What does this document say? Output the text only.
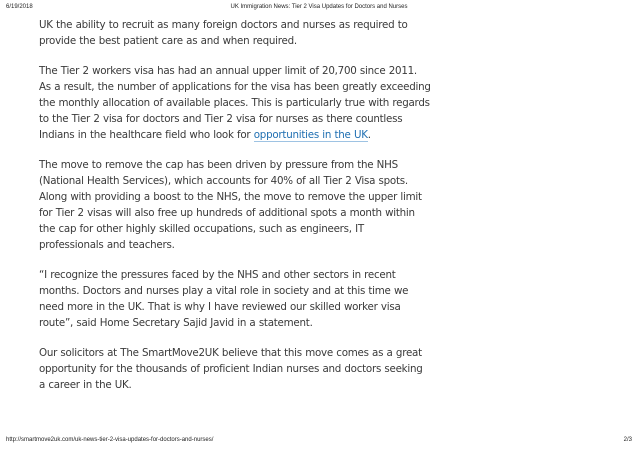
6/19/2018	UK Immigration News: Tier 2 Visa Updates for Doctors and Nurses

UK the ability to recruit as many foreign doctors and nurses as required to provide the best patient care as and when required.

The Tier 2 workers visa has had an annual upper limit of 20,700 since 2011. As a result, the number of applications for the visa has been greatly exceeding the monthly allocation of available places. This is particularly true with regards to the Tier 2 visa for doctors and Tier 2 visa for nurses as there countless Indians in the healthcare field who look for opportunities in the UK.

The move to remove the cap has been driven by pressure from the NHS (National Health Services), which accounts for 40% of all Tier 2 Visa spots. Along with providing a boost to the NHS, the move to remove the upper limit for Tier 2 visas will also free up hundreds of additional spots a month within the cap for other highly skilled occupations, such as engineers, IT professionals and teachers.

“I recognize the pressures faced by the NHS and other sectors in recent months. Doctors and nurses play a vital role in society and at this time we need more in the UK. That is why I have reviewed our skilled worker visa route”, said Home Secretary Sajid Javid in a statement.

Our solicitors at The SmartMove2UK believe that this move comes as a great opportunity for the thousands of proficient Indian nurses and doctors seeking a career in the UK.

http://smartmove2uk.com/uk-news-tier-2-visa-updates-for-doctors-and-nurses/	2/3
